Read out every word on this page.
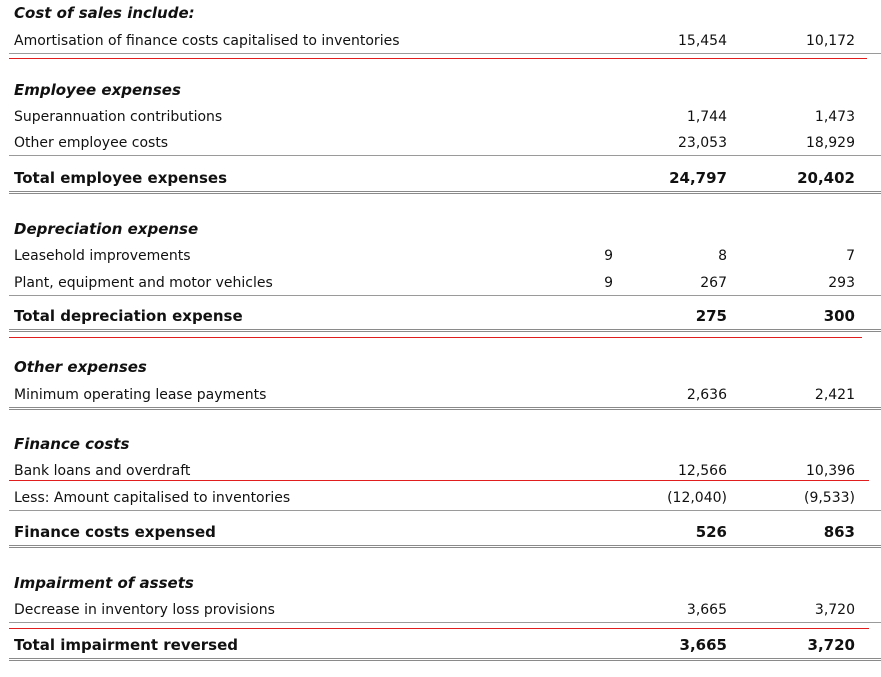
Cost of sales include:
Amortisation of finance costs capitalised to inventories	15,454	10,172
Employee expenses
Superannuation contributions	1,744	1,473
Other employee costs	23,053	18,929
Total employee expenses	24,797	20,402
Depreciation expense
Leasehold improvements	9	8	7
Plant, equipment and motor vehicles	9	267	293
Total depreciation expense	275	300
Other expenses
Minimum operating lease payments	2,636	2,421
Finance costs
Bank loans and overdraft	12,566	10,396
Less: Amount capitalised to inventories	(12,040)	(9,533)
Finance costs expensed	526	863
Impairment of assets
Decrease in inventory loss provisions	3,665	3,720
Total impairment reversed	3,665	3,720
